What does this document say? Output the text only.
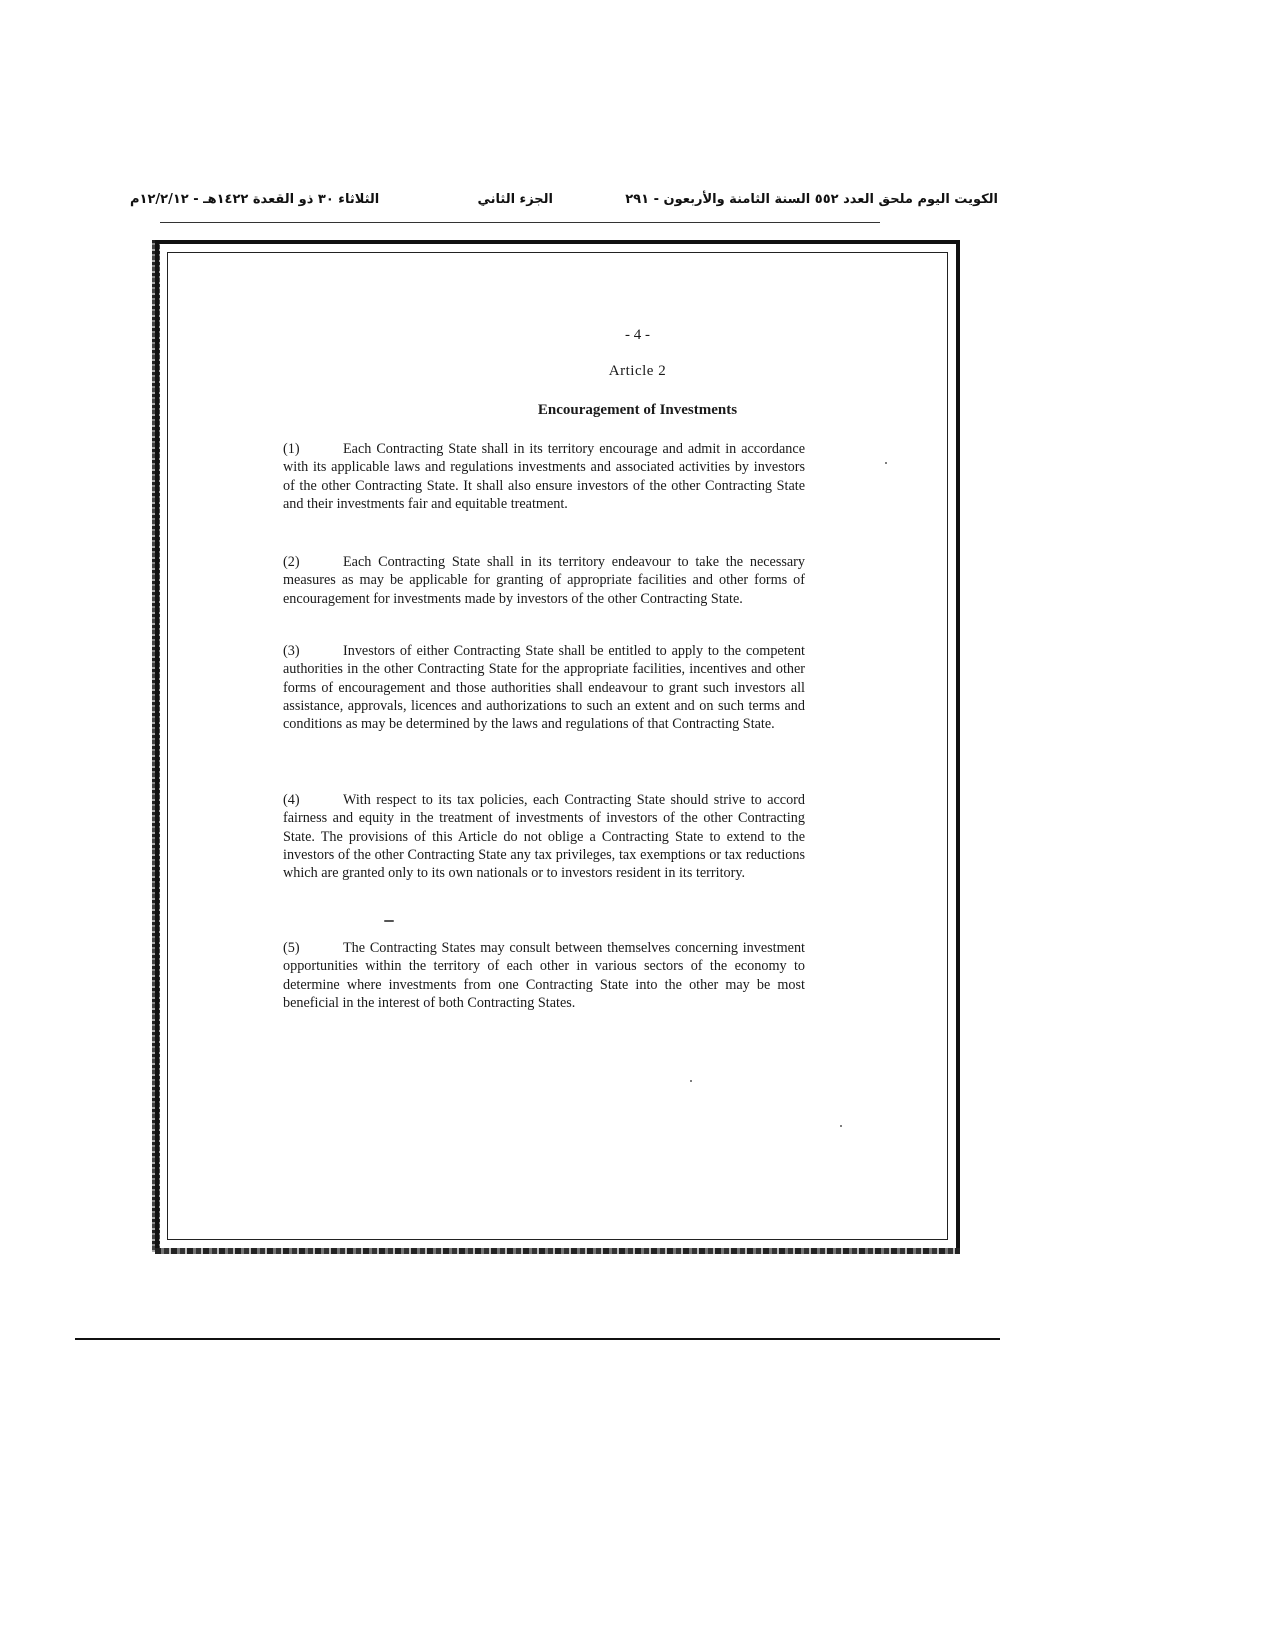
الكويت اليوم ملحق العدد ٥٥٢ السنة الثامنة والأربعون - ٢٩١
الجزء الثاني
الثلاثاء ٣٠ ذو القعدة ١٤٢٢هـ - ١٢/٢/١٢م
- 4 -
Article 2
Encouragement of Investments

(1)	Each Contracting State shall in its territory encourage and admit in accordance with its applicable laws and regulations investments and associated activities by investors of the other Contracting State. It shall also ensure investors of the other Contracting State and their investments fair and equitable treatment.

(2)	Each Contracting State shall in its territory endeavour to take the necessary measures as may be applicable for granting of appropriate facilities and other forms of encouragement for investments made by investors of the other Contracting State.

(3)	Investors of either Contracting State shall be entitled to apply to the competent authorities in the other Contracting State for the appropriate facilities, incentives and other forms of encouragement and those authorities shall endeavour to grant such investors all assistance, approvals, licences and authorizations to such an extent and on such terms and conditions as may be determined by the laws and regulations of that Contracting State.

(4)	With respect to its tax policies, each Contracting State should strive to accord fairness and equity in the treatment of investments of investors of the other Contracting State. The provisions of this Article do not oblige a Contracting State to extend to the investors of the other Contracting State any tax privileges, tax exemptions or tax reductions which are granted only to its own nationals or to investors resident in its territory.

(5)	The Contracting States may consult between themselves concerning investment opportunities within the territory of each other in various sectors of the economy to determine where investments from one Contracting State into the other may be most beneficial in the interest of both Contracting States.
